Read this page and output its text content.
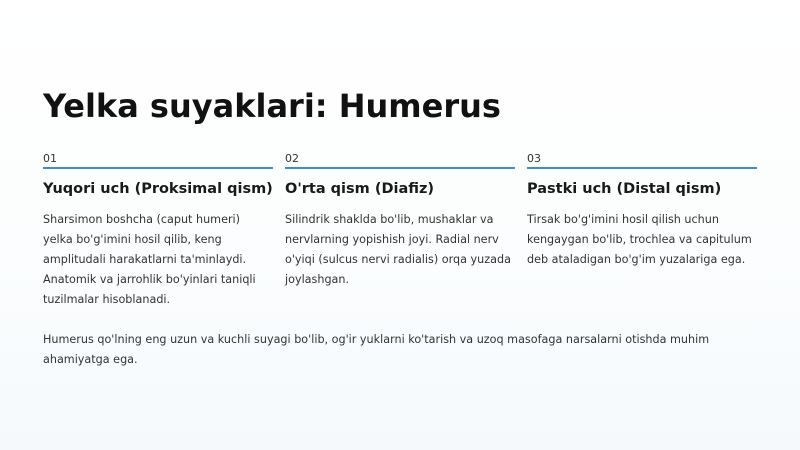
Yelka suyaklari: Humerus
01
Yuqori uch (Proksimal qism)
Sharsimon boshcha (caput humeri) yelka bo'g'imini hosil qilib, keng amplitudali harakatlarni ta'minlaydi. Anatomik va jarrohlik bo'yinlari taniqli tuzilmalar hisoblanadi.
02
O'rta qism (Diafiz)
Silindrik shaklda bo'lib, mushaklar va nervlarning yopishish joyi. Radial nerv o'yiqi (sulcus nervi radialis) orqa yuzada joylashgan.
03
Pastki uch (Distal qism)
Tirsak bo'g'imini hosil qilish uchun kengaygan bo'lib, trochlea va capitulum deb ataladigan bo'g'im yuzalariga ega.
Humerus qo'lning eng uzun va kuchli suyagi bo'lib, og'ir yuklarni ko'tarish va uzoq masofaga narsalarni otishda muhim ahamiyatga ega.
